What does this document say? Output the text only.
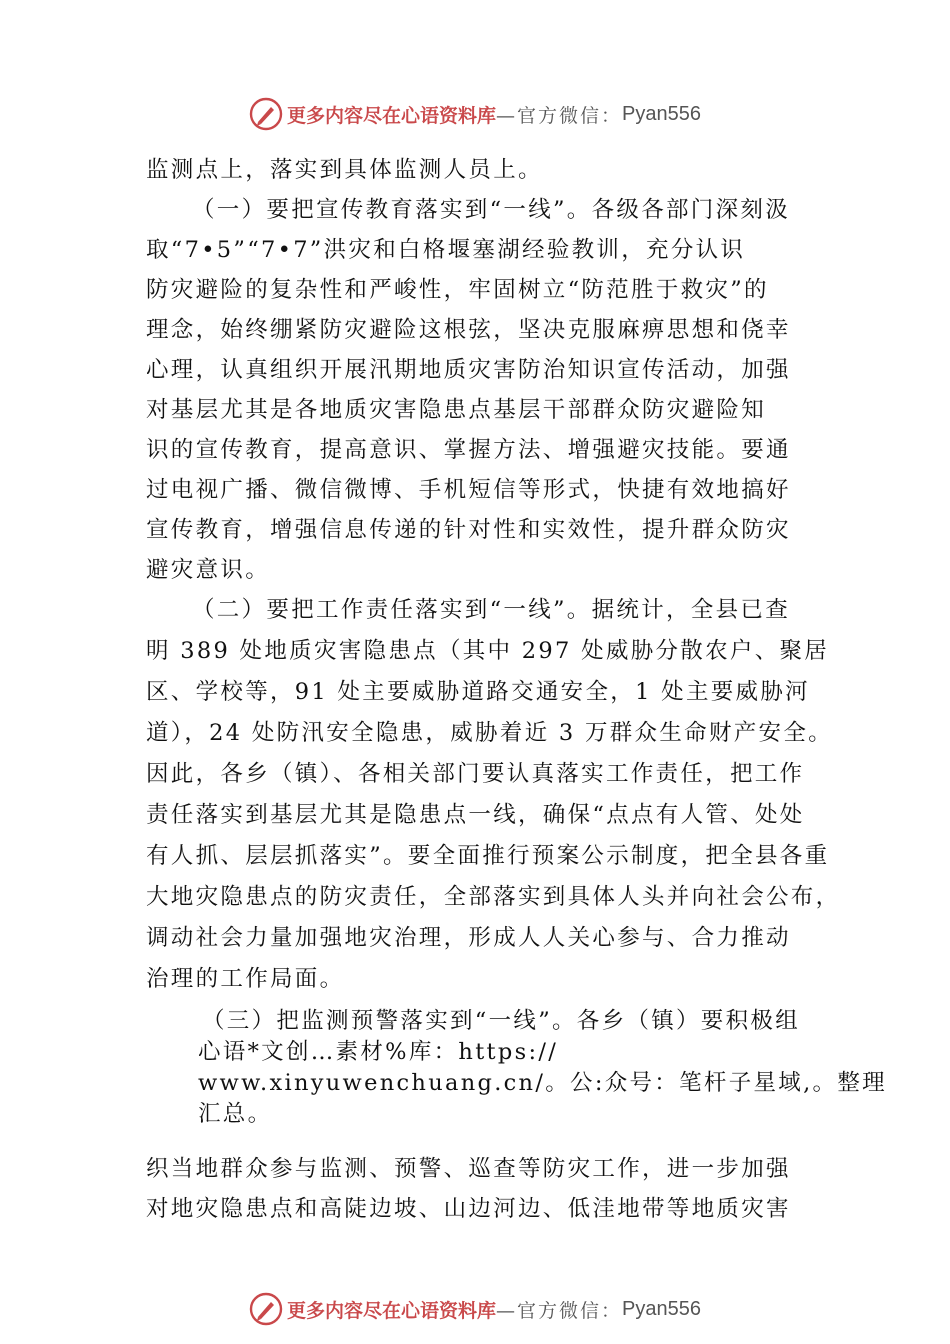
更多内容尽在心语资料库 —官方微信： Pyan556

监测点上，落实到具体监测人员上。

（一）要把宣传教育落实到“一线”。各级各部门深刻汲
取“7•5”“7•7”洪灾和白格堰塞湖经验教训，充分认识
防灾避险的复杂性和严峻性，牢固树立“防范胜于救灾”的
理念，始终绷紧防灾避险这根弦，坚决克服麻痹思想和侥幸
心理，认真组织开展汛期地质灾害防治知识宣传活动，加强
对基层尤其是各地质灾害隐患点基层干部群众防灾避险知
识的宣传教育，提高意识、掌握方法、增强避灾技能。要通
过电视广播、微信微博、手机短信等形式，快捷有效地搞好
宣传教育，增强信息传递的针对性和实效性，提升群众防灾
避灾意识。

（二）要把工作责任落实到“一线”。据统计，全县已查
明 389 处地质灾害隐患点（其中 297 处威胁分散农户、聚居
区、学校等，91 处主要威胁道路交通安全，1 处主要威胁河
道），24 处防汛安全隐患，威胁着近 3 万群众生命财产安全。
因此，各乡（镇）、各相关部门要认真落实工作责任，把工作
责任落实到基层尤其是隐患点一线，确保“点点有人管、处处
有人抓、层层抓落实”。要全面推行预案公示制度，把全县各重
大地灾隐患点的防灾责任，全部落实到具体人头并向社会公布，
调动社会力量加强地灾治理，形成人人关心参与、合力推动
治理的工作局面。

（三）把监测预警落实到“一线”。各乡（镇）要积极组
心语*文创…素材%库：https://
www.xinyuwenchuang.cn/。公:众号：笔杆子星域,。整理
汇总。

织当地群众参与监测、预警、巡查等防灾工作，进一步加强
对地灾隐患点和高陡边坡、山边河边、低洼地带等地质灾害

更多内容尽在心语资料库 —官方微信： Pyan556
